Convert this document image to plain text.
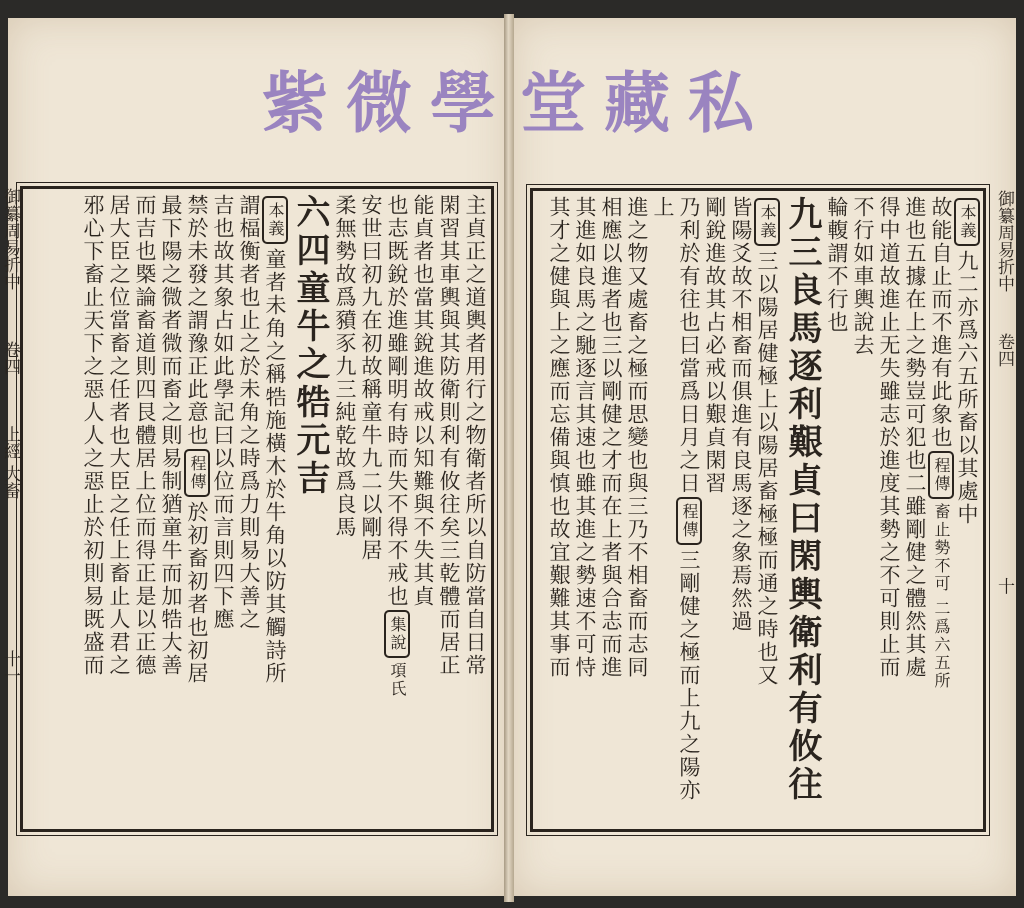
紫微學 堂藏私
御纂周易折中  卷四  上經 大畜  十一	主貞正之道輿者用行之物衛者所以自防當自日常

閑習其車輿與其防衛則利有攸往矣三乾體而居正

能貞者也當其銳進故戒以知難與不失其貞

也志既銳於進雖剛明有時而失不得不戒也集說項氏

安世曰初九在初故稱童牛九二以剛居

柔無勢故爲豶豕九三純乾故爲良馬

六四童牛之牿元吉

本義童者未角之稱牿施橫木於牛角以防其觸詩所

謂楅衡者也止之於未角之時爲力則易大善之

吉也故其象占如此學記曰以位而言則四下應

禁於未發之謂豫正此意也程傳於初畜初者也初居

最下陽之微者微而畜之則易制猶童牛而加牿大善

而吉也槩論畜道則四艮體居上位而得正是以正德

居大臣之位當畜之任者也大臣之任上畜止人君之

邪心下畜止天下之惡人人之惡止於初則易既盛而	御纂周易折中  卷四  十

本義九二亦爲六五所畜以其處中

故能自止而不進有此象也程傳畜止勢不可 二爲六五所

進也五據在上之勢豈可犯也二雖剛健之體然其處

得中道故進止无失雖志於進度其勢之不可則止而

不行如車輿說去

輪輹謂不行也

九三良馬逐利艱貞曰閑輿衛利有攸往

本義三以陽居健極上以陽居畜極極而通之時也又

皆陽爻故不相畜而俱進有良馬逐之象焉然過

剛銳進故其占必戒以艱貞閑習

乃利於有往也曰當爲日月之日程傳三剛健之極而上九之陽亦上

進之物又處畜之極而思變也與三乃不相畜而志同

相應以進者也三以剛健之才而在上者與合志而進

其進如良馬之馳逐言其速也雖其進之勢速不可恃

其才之健與上之應而忘備與慎也故宜艱難其事而
